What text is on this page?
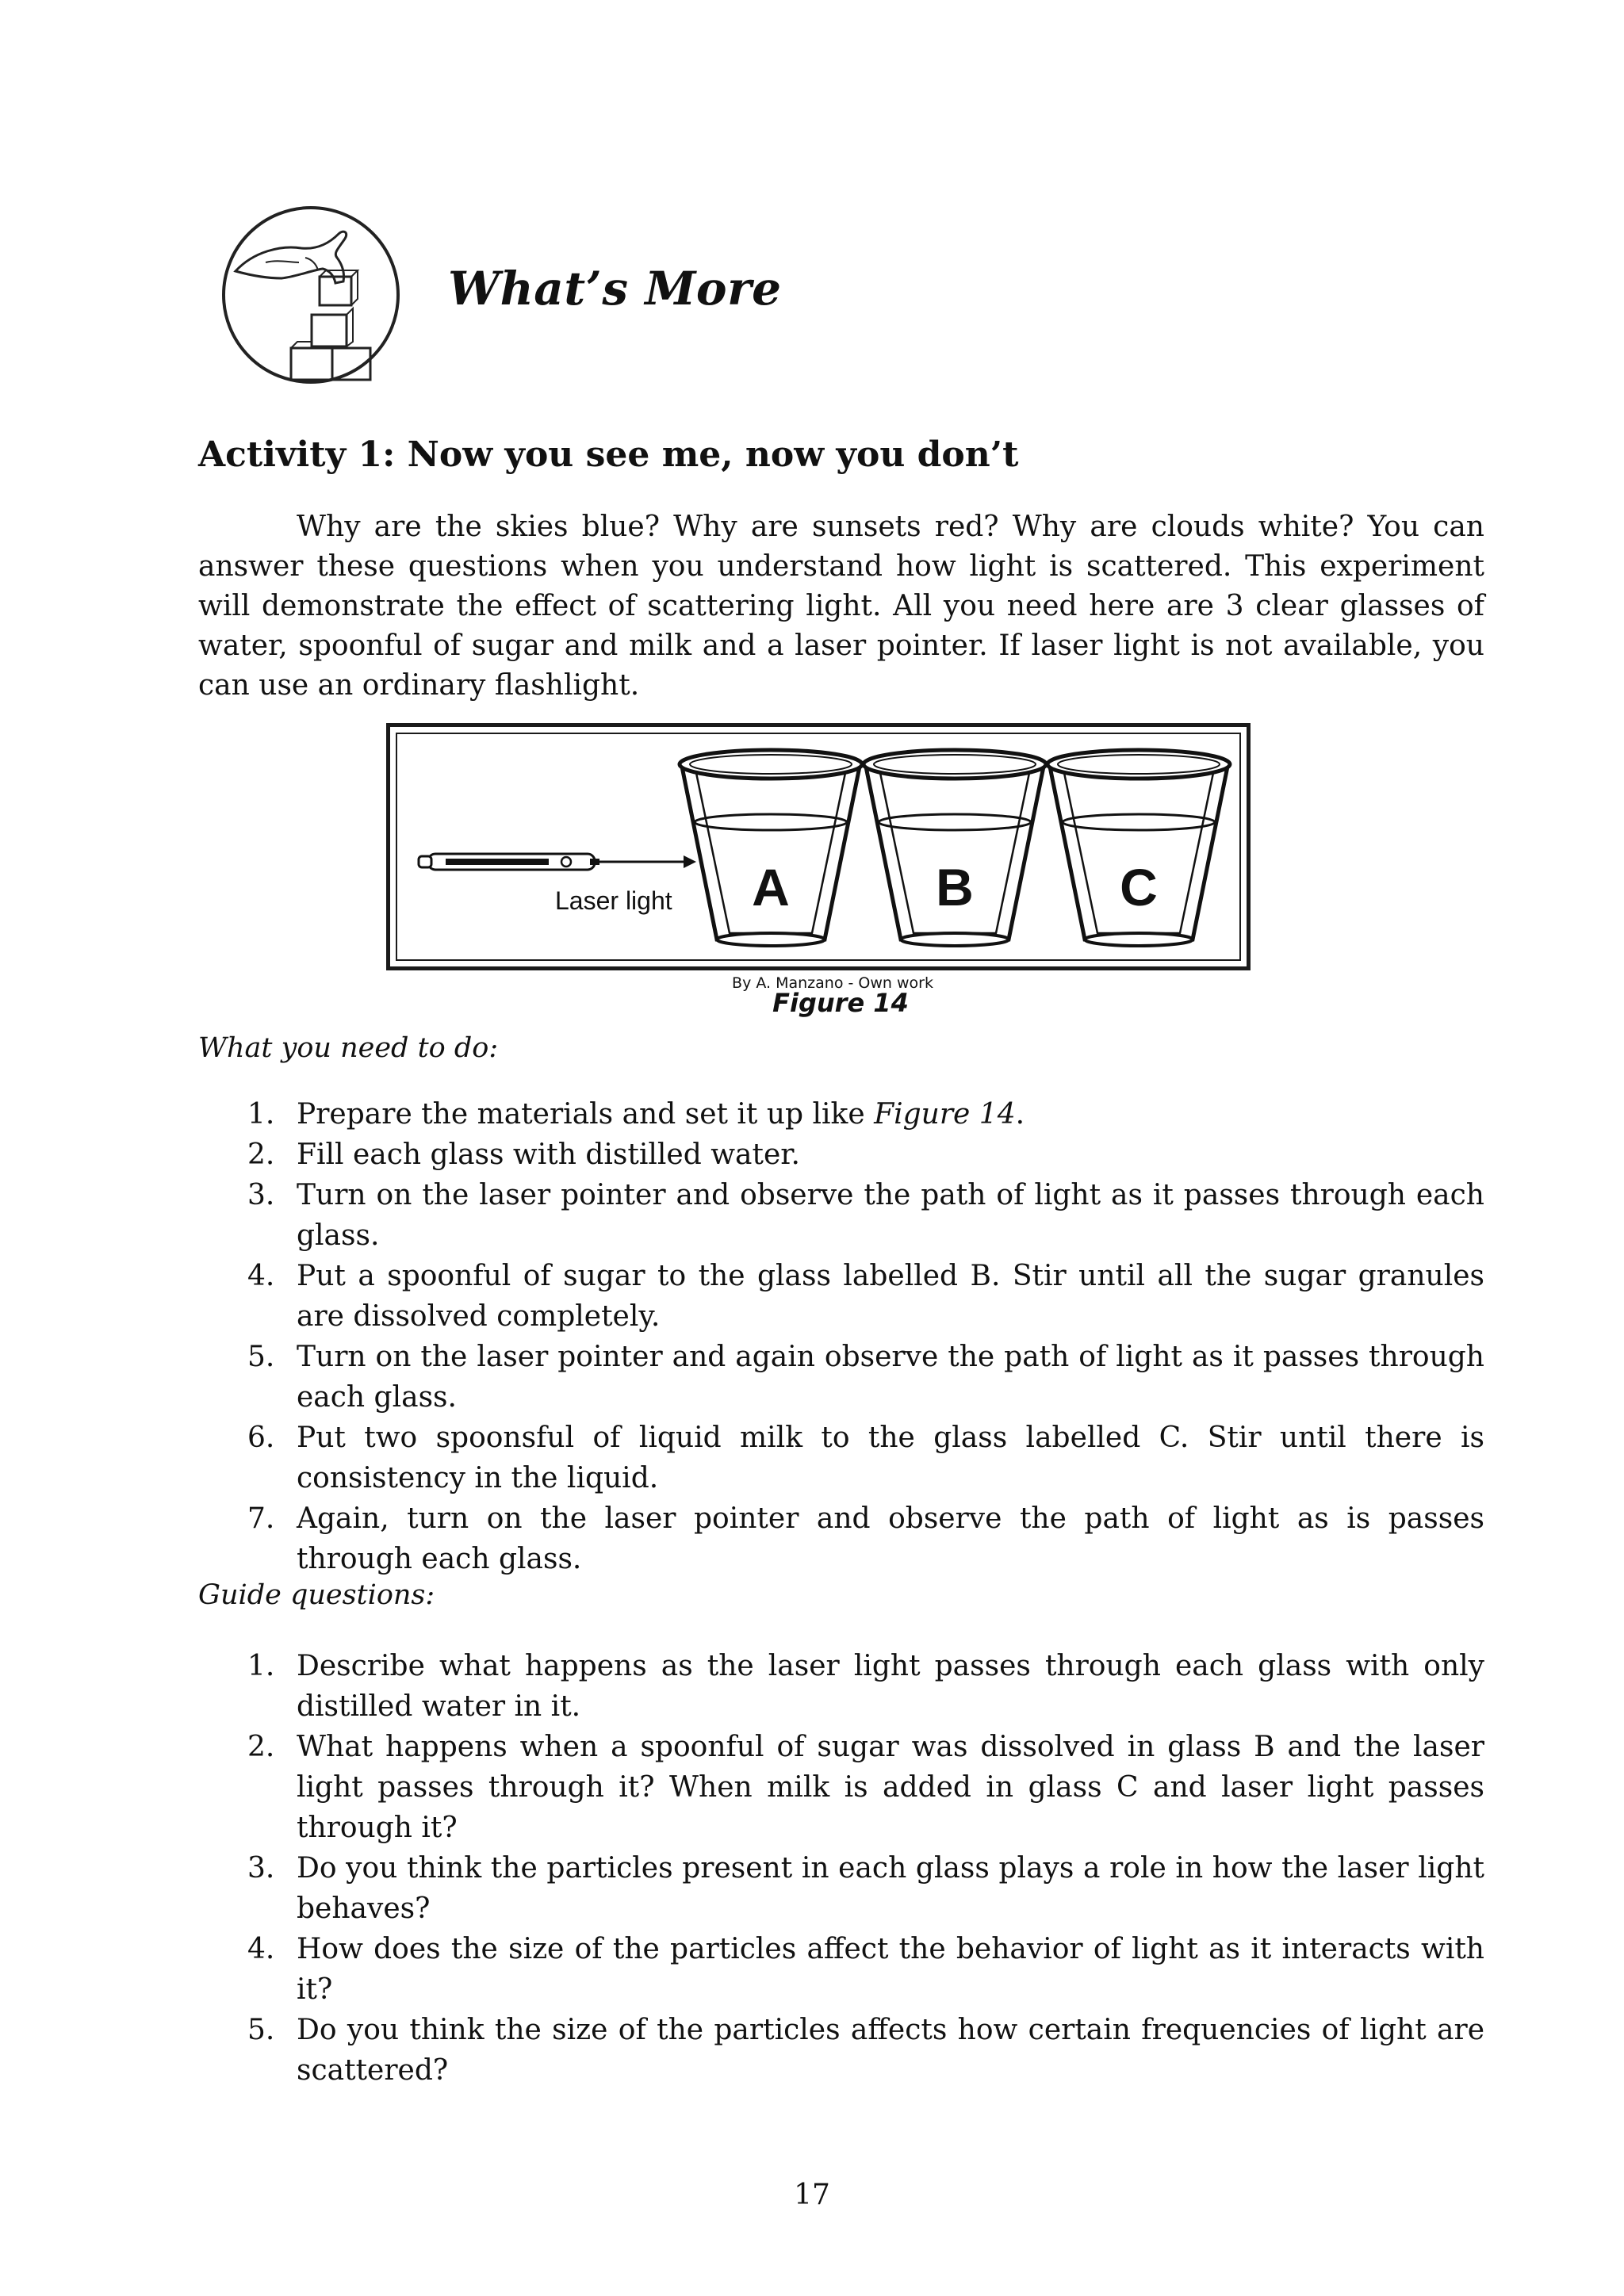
What’s More
Activity 1: Now you see me, now you don’t

Why are the skies blue? Why are sunsets red? Why are clouds white? You can answer these questions when you understand how light is scattered. This experiment will demonstrate the effect of scattering light. All you need here are 3 clear glasses of water, spoonful of sugar and milk and a laser pointer. If laser light is not available, you can use an ordinary flashlight.

Laser light A	B	C
By A. Manzano - Own work
Figure 14
What you need to do:
1. Prepare the materials and set it up like Figure 14.
2. Fill each glass with distilled water.
3. Turn on the laser pointer and observe the path of light as it passes through each glass.
4. Put a spoonful of sugar to the glass labelled B. Stir until all the sugar granules are dissolved completely.
5. Turn on the laser pointer and again observe the path of light as it passes through each glass.
6. Put two spoonsful of liquid milk to the glass labelled C. Stir until there is consistency in the liquid.
7. Again, turn on the laser pointer and observe the path of light as is passes through each glass.
Guide questions:
1. Describe what happens as the laser light passes through each glass with only distilled water in it.
2. What happens when a spoonful of sugar was dissolved in glass B and the laser light passes through it? When milk is added in glass C and laser light passes through it?
3. Do you think the particles present in each glass plays a role in how the laser light behaves?
4. How does the size of the particles affect the behavior of light as it interacts with it?
5. Do you think the size of the particles affects how certain frequencies of light are scattered?
17
